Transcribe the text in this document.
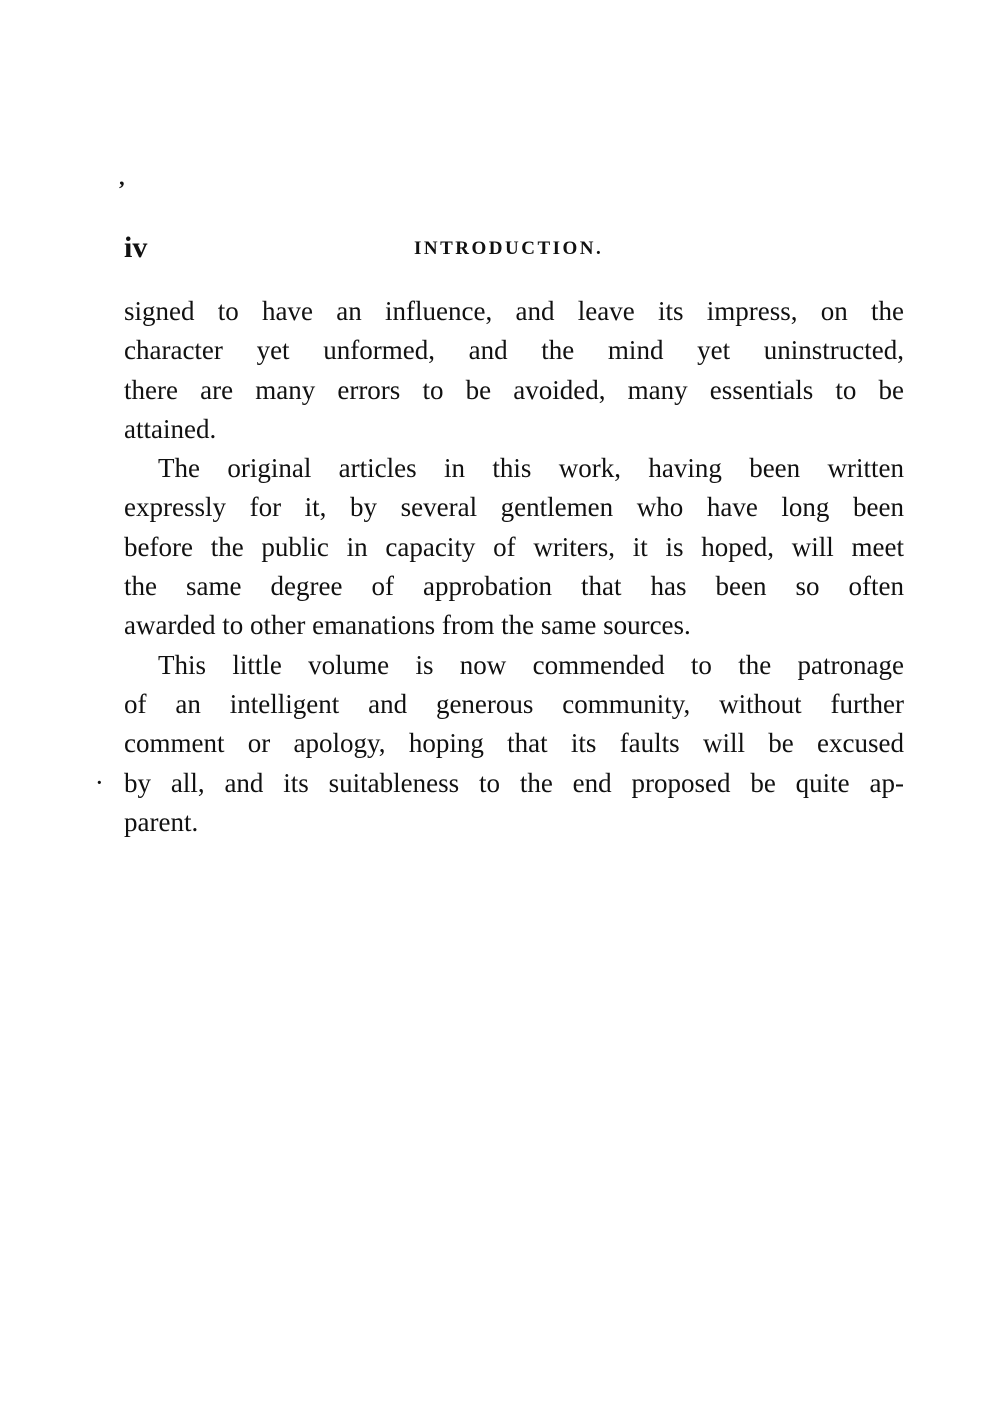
’
iv	INTRODUCTION.
·
signed to have an influence, and leave its impress, on the
character yet unformed, and the mind yet uninstructed,
there are many errors to be avoided, many essentials to be
attained.
The original articles in this work, having been written
expressly for it, by several gentlemen who have long been
before the public in capacity of writers, it is hoped, will meet
the same degree of approbation that has been so often
awarded to other emanations from the same sources.
This little volume is now commended to the patronage
of an intelligent and generous community, without further
comment or apology, hoping that its faults will be excused
by all, and its suitableness to the end proposed be quite ap-
parent.
